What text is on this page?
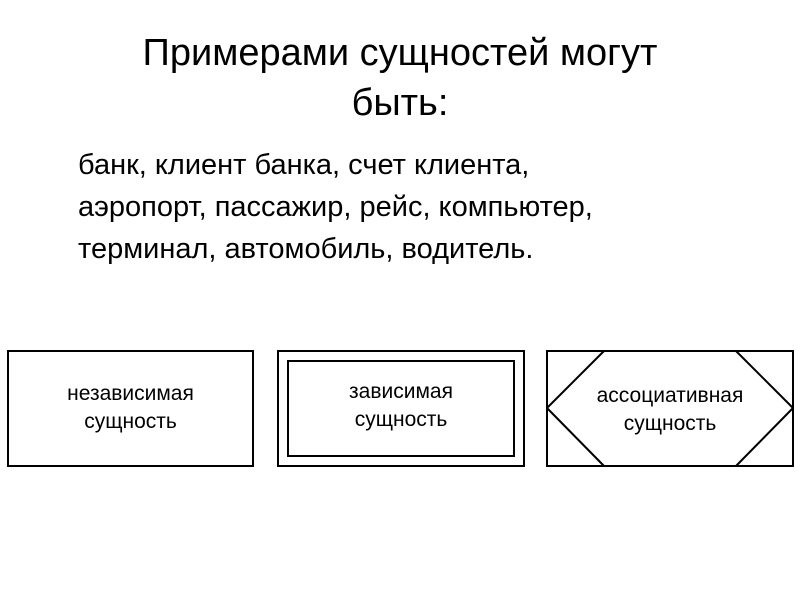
Примерами сущностей могут
быть:
банк, клиент банка, счет клиента,
аэропорт, пассажир, рейс, компьютер,
терминал, автомобиль, водитель.
независимая
сущность
зависимая
сущность
ассоциативная
сущность
